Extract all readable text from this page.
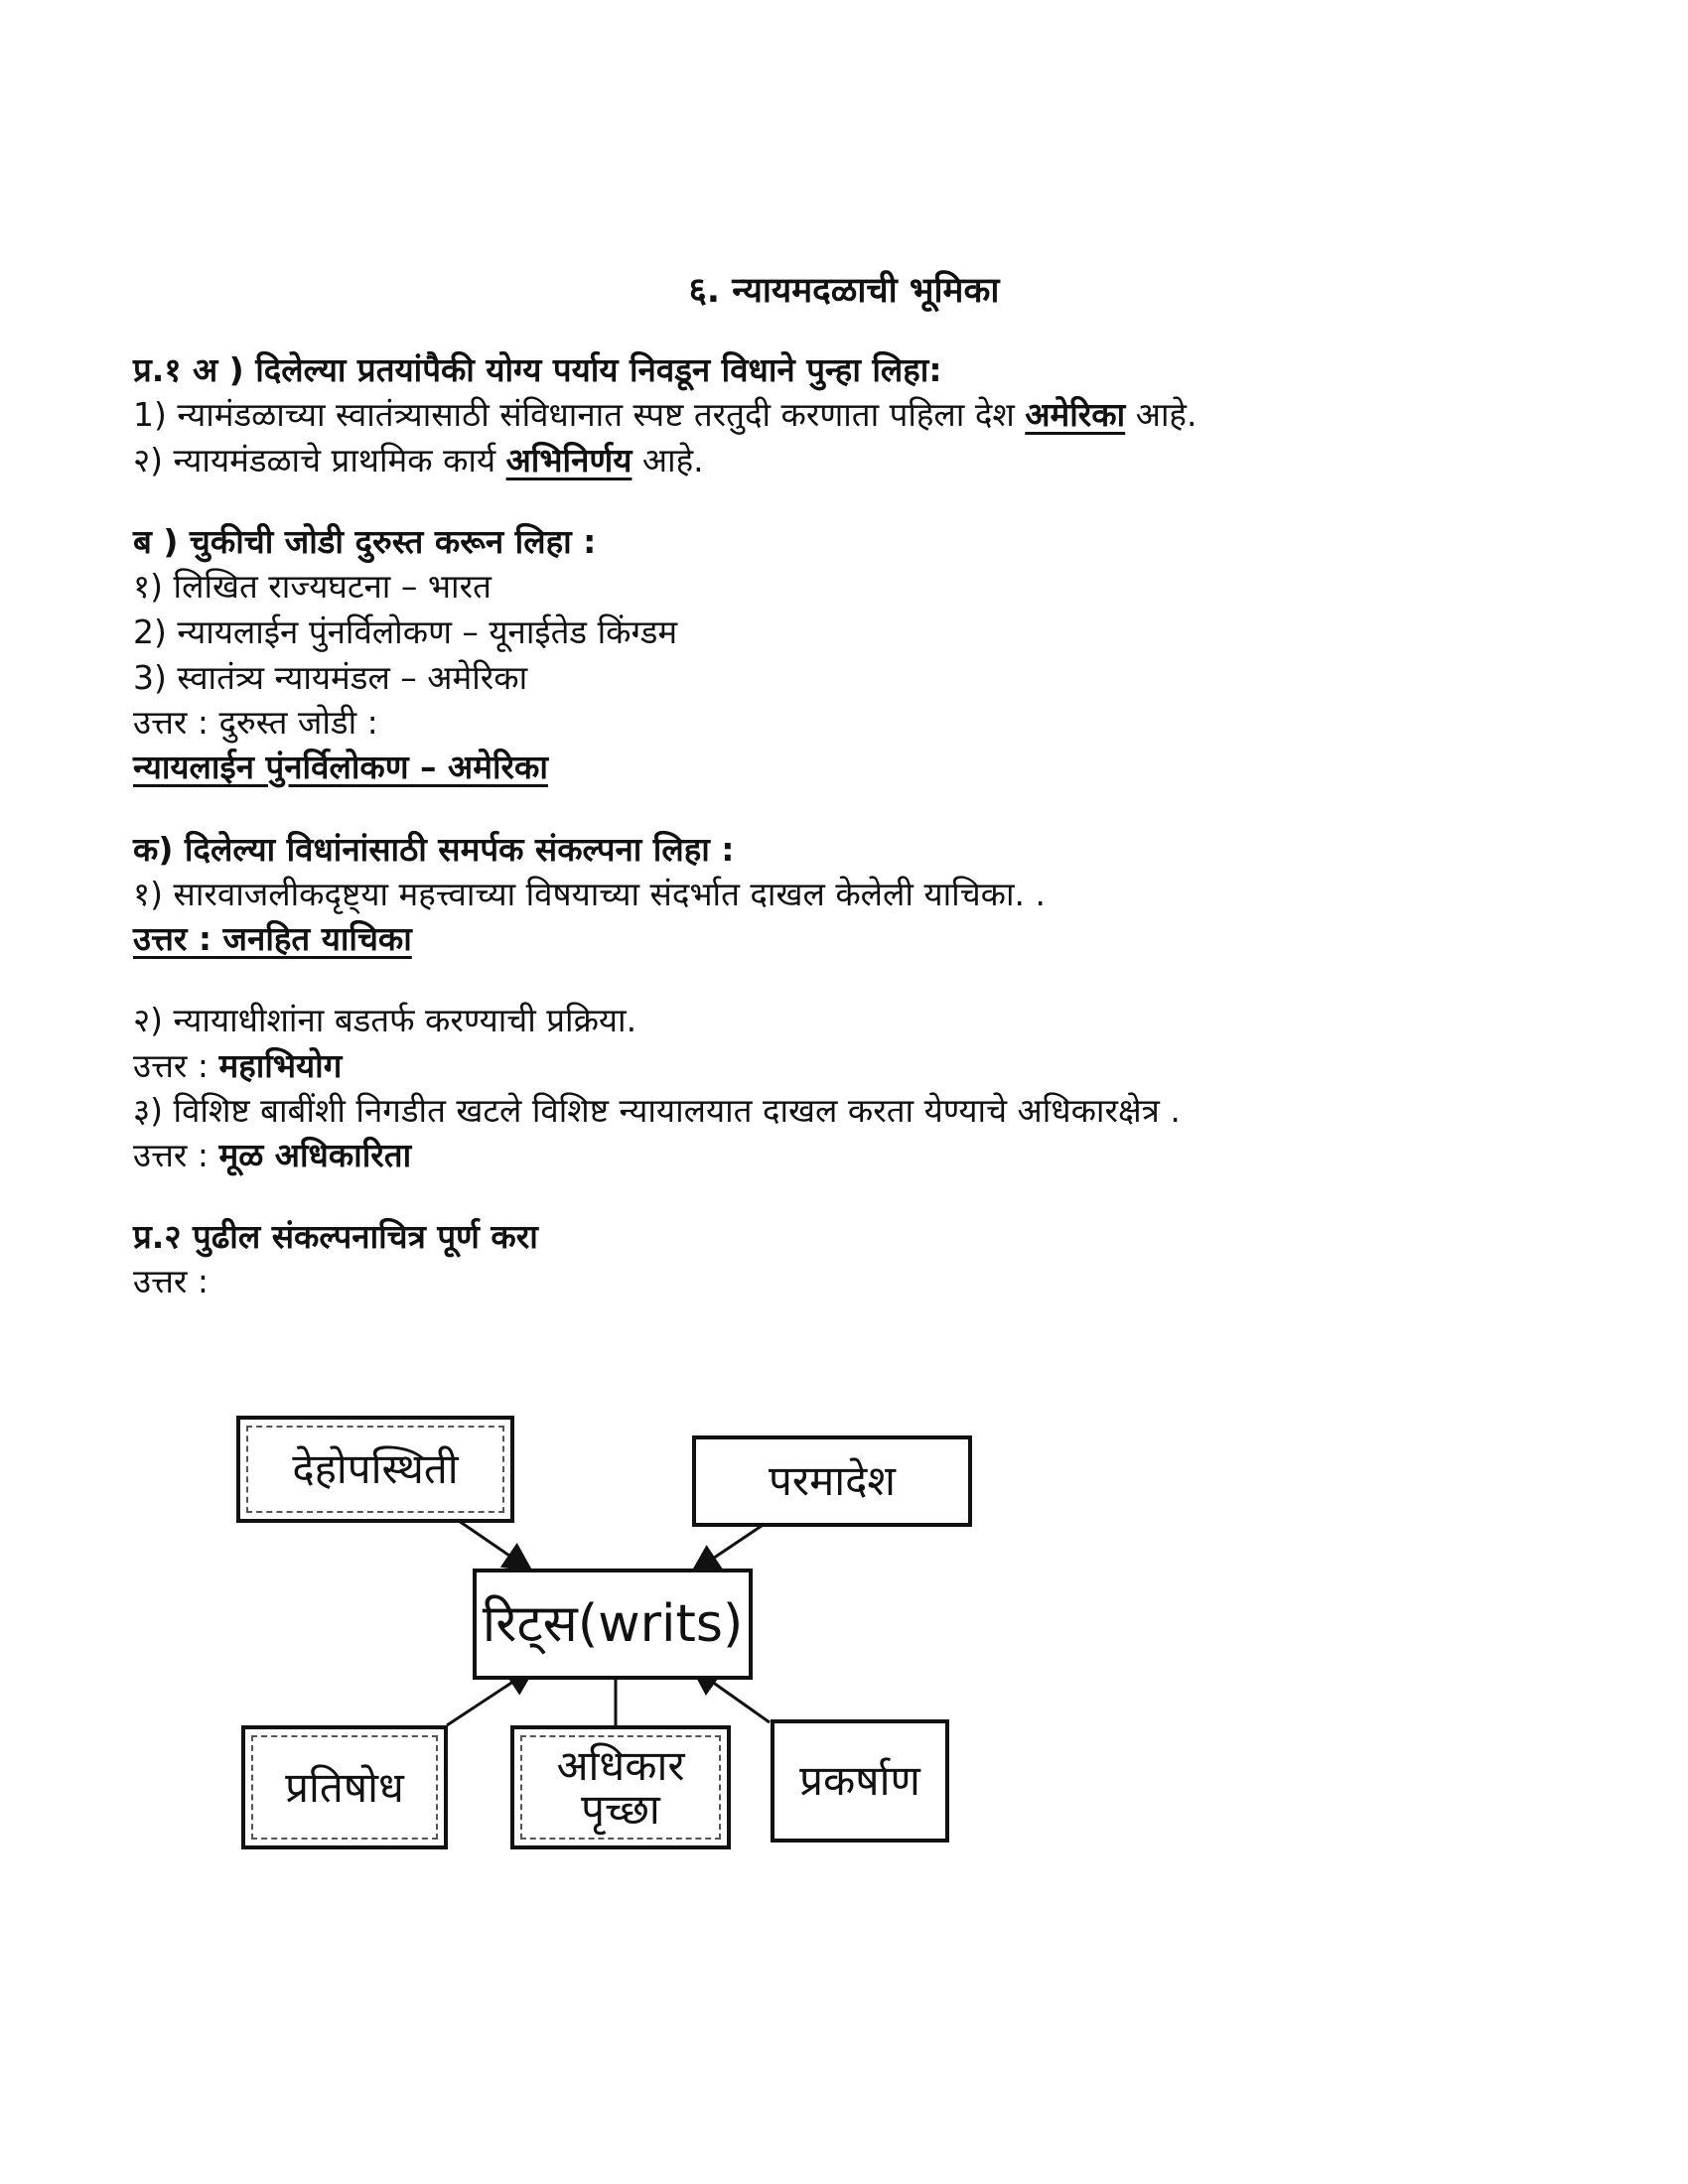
६. न्यायमदळाची भूमिका
प्र.१ अ ) दिलेल्या प्रतयांपैकी योग्य पर्याय निवडून विधाने पुन्हा लिहा:
1) न्यामंडळाच्या स्वातंत्र्यासाठी संविधानात स्पष्ट तरतुदी करणाता पहिला देश अमेरिका आहे.
२) न्यायमंडळाचे प्राथमिक कार्य अभिनिर्णय आहे.
ब ) चुकीची जोडी दुरुस्त करून लिहा :
१) लिखित राज्यघटना – भारत
2) न्यायलाईन पुंनर्विलोकण – यूनाईतेड किंग्डम
3) स्वातंत्र्य न्यायमंडल – अमेरिका
उत्तर : दुरुस्त जोडी :
न्यायलाईन पुंनर्विलोकण – अमेरिका
क) दिलेल्या विधांनांसाठी समर्पक संकल्पना लिहा :
१) सारवाजलीकदृष्ट्या महत्त्वाच्या विषयाच्या संदर्भात दाखल केलेली याचिका. .
उत्तर : जनहित याचिका
२) न्यायाधीशांना बडतर्फ करण्याची प्रक्रिया.
उत्तर : महाभियोग
३) विशिष्ट बाबींशी निगडीत खटले विशिष्ट न्यायालयात दाखल करता येण्याचे अधिकारक्षेत्र .
उत्तर : मूळ अधिकारिता
प्र.२ पुढील संकल्पनाचित्र पूर्ण करा
उत्तर :
देहोपस्थिती	परमादेश
रिट्स(writs)
प्रतिषोध	अधिकार
पृच्छा
प्रकर्षाण
